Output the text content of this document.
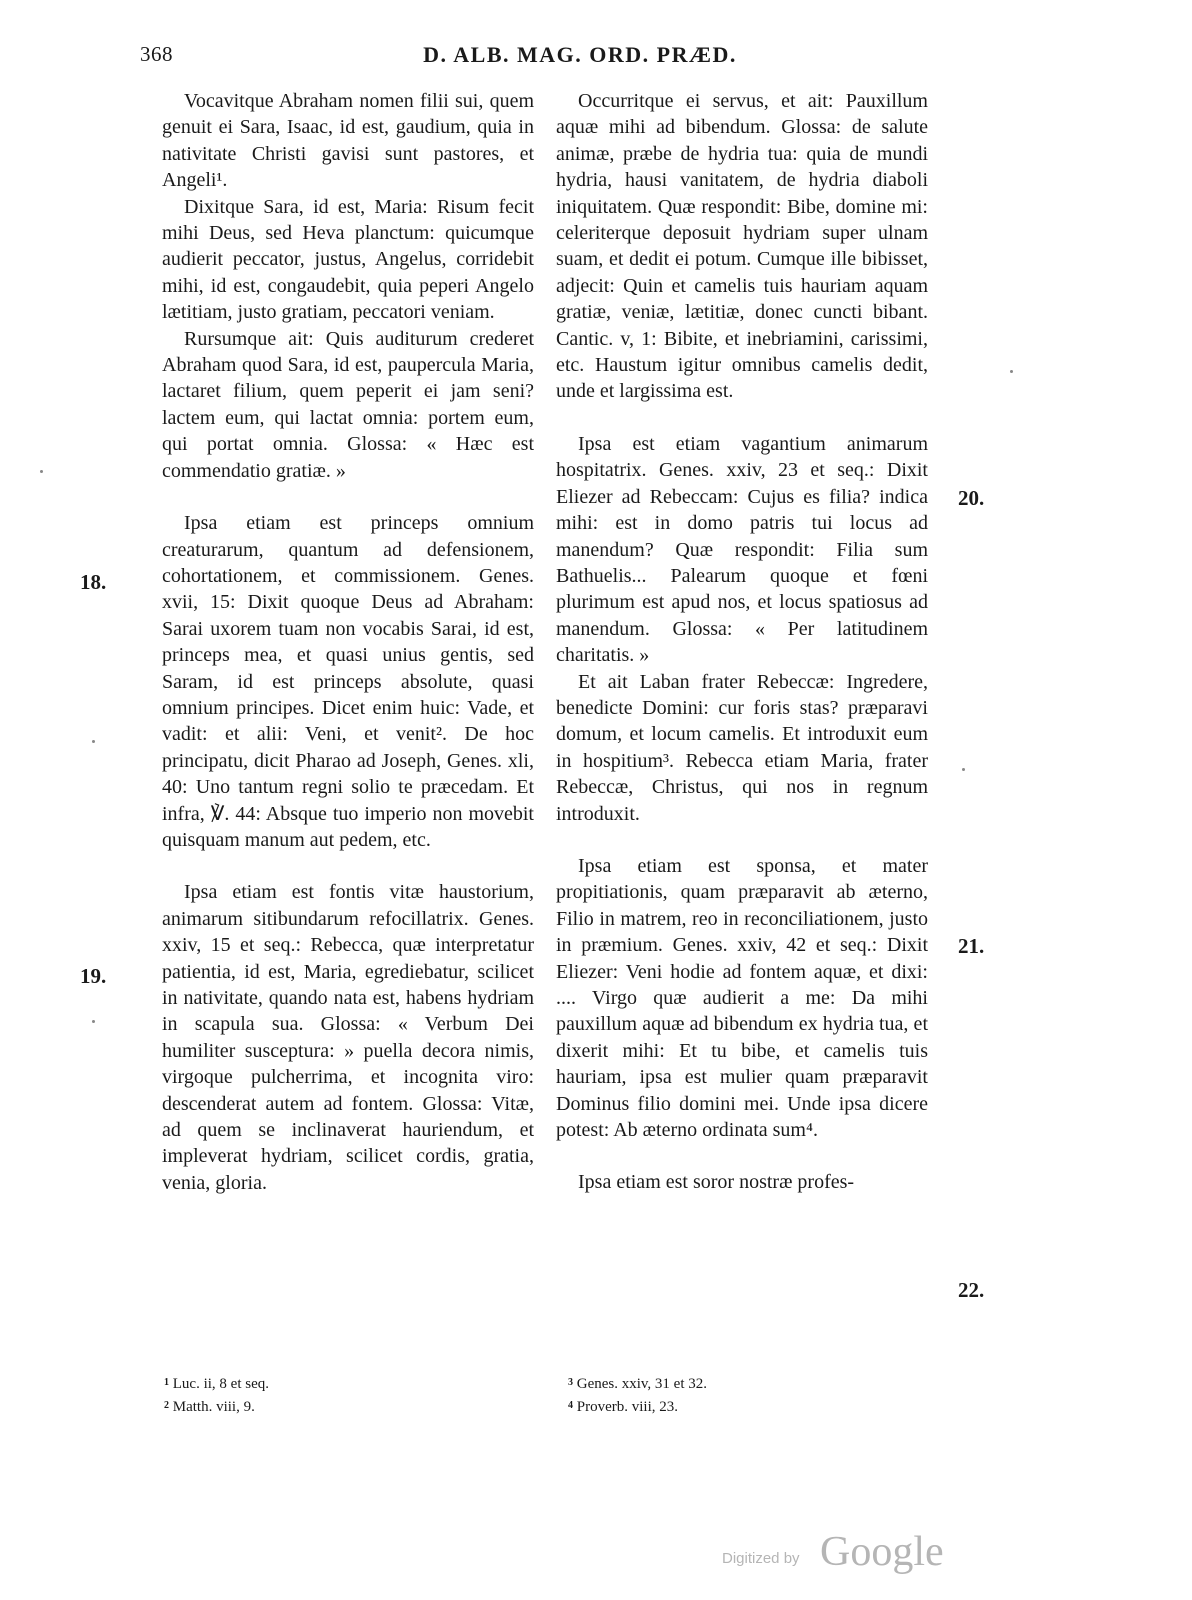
368	D. ALB. MAG. ORD. PRÆD.

Vocavitque Abraham nomen filii sui, quem genuit ei Sara, Isaac, id est, gaudium, quia in nativitate Christi gavisi sunt pastores, et Angeli¹.

Dixitque Sara, id est, Maria: Risum fecit mihi Deus, sed Heva planctum: quicumque audierit peccator, justus, Angelus, corridebit mihi, id est, congaudebit, quia peperi Angelo lætitiam, justo gratiam, peccatori veniam.

Rursumque ait: Quis auditurum crederet Abraham quod Sara, id est, paupercula Maria, lactaret filium, quem peperit ei jam seni? lactem eum, qui lactat omnia: portem eum, qui portat omnia. Glossa: « Hæc est commendatio gratiæ. »

Ipsa etiam est princeps omnium creaturarum, quantum ad defensionem, cohortationem, et commissionem. Genes. xvii, 15: Dixit quoque Deus ad Abraham: Sarai uxorem tuam non vocabis Sarai, id est, princeps mea, et quasi unius gentis, sed Saram, id est princeps absolute, quasi omnium principes. Dicet enim huic: Vade, et vadit: et alii: Veni, et venit². De hoc principatu, dicit Pharao ad Joseph, Genes. xli, 40: Uno tantum regni solio te præcedam. Et infra, ℣. 44: Absque tuo imperio non movebit quisquam manum aut pedem, etc.

Ipsa etiam est fontis vitæ haustorium, animarum sitibundarum refocillatrix. Genes. xxiv, 15 et seq.: Rebecca, quæ interpretatur patientia, id est, Maria, egrediebatur, scilicet in nativitate, quando nata est, habens hydriam in scapula sua. Glossa: « Verbum Dei humiliter susceptura: » puella decora nimis, virgoque pulcherrima, et incognita viro: descenderat autem ad fontem. Glossa: Vitæ, ad quem se inclinaverat hauriendum, et impleverat hydriam, scilicet cordis, gratia, venia, gloria.

Occurritque ei servus, et ait: Pauxillum aquæ mihi ad bibendum. Glossa: de salute animæ, præbe de hydria tua: quia de mundi hydria, hausi vanitatem, de hydria diaboli iniquitatem. Quæ respondit: Bibe, domine mi: celeriterque deposuit hydriam super ulnam suam, et dedit ei potum. Cumque ille bibisset, adjecit: Quin et camelis tuis hauriam aquam gratiæ, veniæ, lætitiæ, donec cuncti bibant. Cantic. v, 1: Bibite, et inebriamini, carissimi, etc. Haustum igitur omnibus camelis dedit, unde et largissima est.

Ipsa est etiam vagantium animarum hospitatrix. Genes. xxiv, 23 et seq.: Dixit Eliezer ad Rebeccam: Cujus es filia? indica mihi: est in domo patris tui locus ad manendum? Quæ respondit: Filia sum Bathuelis... Palearum quoque et fœni plurimum est apud nos, et locus spatiosus ad manendum. Glossa: « Per latitudinem charitatis. »

Et ait Laban frater Rebeccæ: Ingredere, benedicte Domini: cur foris stas? præparavi domum, et locum camelis. Et introduxit eum in hospitium³. Rebecca etiam Maria, frater Rebeccæ, Christus, qui nos in regnum introduxit.

Ipsa etiam est sponsa, et mater propitiationis, quam præparavit ab æterno, Filio in matrem, reo in reconciliationem, justo in præmium. Genes. xxiv, 42 et seq.: Dixit Eliezer: Veni hodie ad fontem aquæ, et dixi: .... Virgo quæ audierit a me: Da mihi pauxillum aquæ ad bibendum ex hydria tua, et dixerit mihi: Et tu bibe, et camelis tuis hauriam, ipsa est mulier quam præparavit Dominus filio domini mei. Unde ipsa dicere potest: Ab æterno ordinata sum⁴.

Ipsa etiam est soror nostræ profes-

18.
19.
20.
21.
22.
$^1$ Luc. ii, 8 et seq.
$^2$ Matth. viii, 9.
$^3$ Genes. xxiv, 31 et 32.
$^4$ Proverb. viii, 23.
Digitized by Google
